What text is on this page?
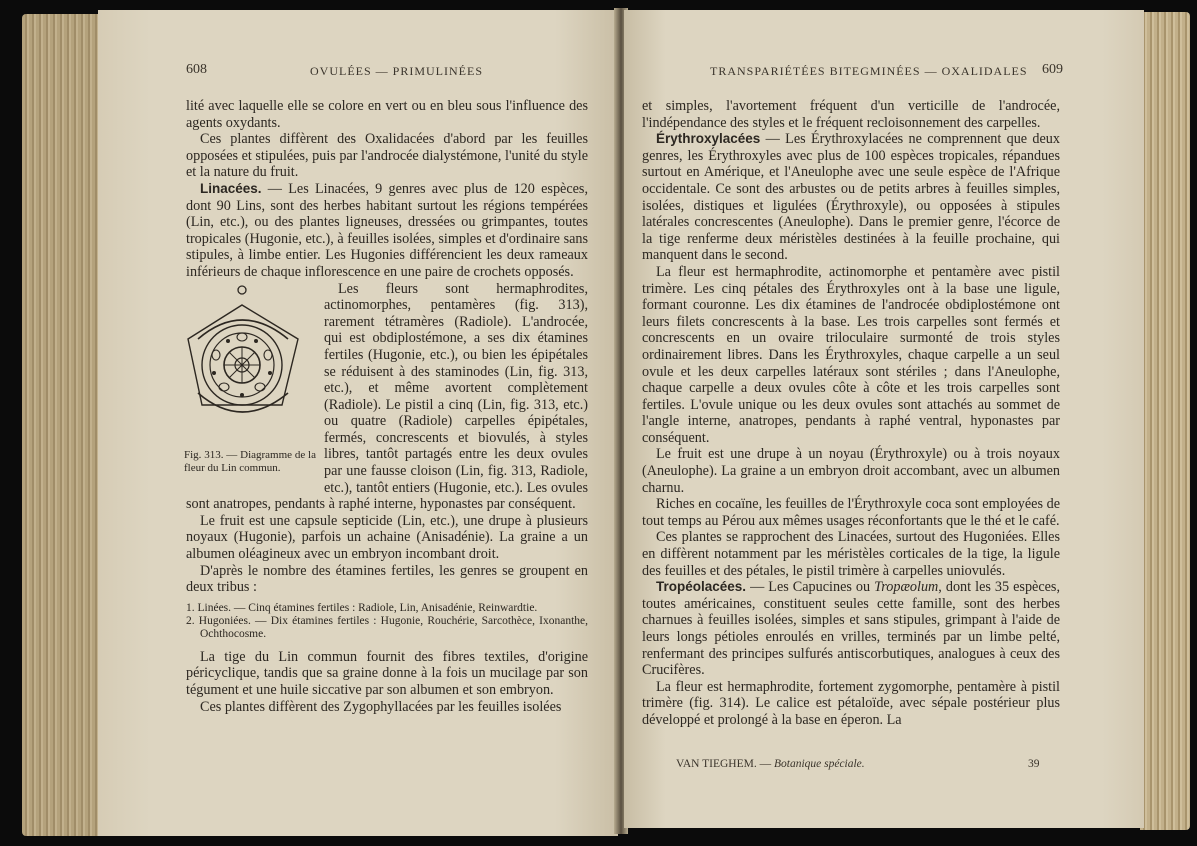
608	OVULÉES — PRIMULINÉES

lité avec laquelle elle se colore en vert ou en bleu sous l'influence des agents oxydants.

Ces plantes diffèrent des Oxalidacées d'abord par les feuilles opposées et stipulées, puis par l'androcée dialystémone, l'unité du style et la nature du fruit.

Linacées. — Les Linacées, 9 genres avec plus de 120 espèces, dont 90 Lins, sont des herbes habitant surtout les régions tempérées (Lin, etc.), ou des plantes ligneuses, dressées ou grimpantes, toutes tropicales (Hugonie, etc.), à feuilles isolées, simples et d'ordinaire sans stipules, à limbe entier. Les Hugonies différencient les deux rameaux inférieurs de chaque inflorescence en une paire de crochets opposés.

Fig. 313. — Diagramme de la fleur du Lin commun.

Les fleurs sont hermaphrodites, actinomorphes, pentamères (fig. 313), rarement tétramères (Radiole). L'androcée, qui est obdiplostémone, a ses dix étamines fertiles (Hugonie, etc.), ou bien les épipétales se réduisent à des staminodes (Lin, fig. 313, etc.), et même avortent complètement (Radiole). Le pistil a cinq (Lin, fig. 313, etc.) ou quatre (Radiole) carpelles épipétales, fermés, concrescents et biovulés, à styles libres, tantôt partagés entre les deux ovules par une fausse cloison (Lin, fig. 313, Radiole, etc.), tantôt entiers (Hugonie, etc.). Les ovules sont anatropes, pendants à raphé interne, hyponastes par conséquent.

Le fruit est une capsule septicide (Lin, etc.), une drupe à plusieurs noyaux (Hugonie), parfois un achaine (Anisadénie). La graine a un albumen oléagineux avec un embryon incombant droit.

D'après le nombre des étamines fertiles, les genres se groupent en deux tribus :

1. Linées. — Cinq étamines fertiles : Radiole, Lin, Anisadénie, Reinwardtie.
2. Hugoniées. — Dix étamines fertiles : Hugonie, Rouchérie, Sarcothèce, Ixonanthe, Ochthocosme.

La tige du Lin commun fournit des fibres textiles, d'origine péricyclique, tandis que sa graine donne à la fois un mucilage par son tégument et une huile siccative par son albumen et son embryon.

Ces plantes diffèrent des Zygophyllacées par les feuilles isolées

TRANSPARIÉTÉES BITEGMINÉES — OXALIDALES 609

et simples, l'avortement fréquent d'un verticille de l'androcée, l'indépendance des styles et le fréquent recloisonnement des carpelles.

Érythroxylacées — Les Érythroxylacées ne comprennent que deux genres, les Érythroxyles avec plus de 100 espèces tropicales, répandues surtout en Amérique, et l'Aneulophe avec une seule espèce de l'Afrique occidentale. Ce sont des arbustes ou de petits arbres à feuilles simples, isolées, distiques et ligulées (Érythroxyle), ou opposées à stipules latérales concrescentes (Aneulophe). Dans le premier genre, l'écorce de la tige renferme deux méristèles destinées à la feuille prochaine, qui manquent dans le second.

La fleur est hermaphrodite, actinomorphe et pentamère avec pistil trimère. Les cinq pétales des Érythroxyles ont à la base une ligule, formant couronne. Les dix étamines de l'androcée obdiplostémone ont leurs filets concrescents à la base. Les trois carpelles sont fermés et concrescents en un ovaire triloculaire surmonté de trois styles ordinairement libres. Dans les Érythroxyles, chaque carpelle a un seul ovule et les deux carpelles latéraux sont stériles ; dans l'Aneulophe, chaque carpelle a deux ovules côte à côte et les trois carpelles sont fertiles. L'ovule unique ou les deux ovules sont attachés au sommet de l'angle interne, anatropes, pendants à raphé ventral, hyponastes par conséquent.

Le fruit est une drupe à un noyau (Érythroxyle) ou à trois noyaux (Aneulophe). La graine a un embryon droit accombant, avec un albumen charnu.

Riches en cocaïne, les feuilles de l'Érythroxyle coca sont employées de tout temps au Pérou aux mêmes usages réconfortants que le thé et le café.

Ces plantes se rapprochent des Linacées, surtout des Hugoniées. Elles en diffèrent notamment par les méristèles corticales de la tige, la ligule des feuilles et des pétales, le pistil trimère à carpelles uniovulés.

Tropéolacées. — Les Capucines ou Tropæolum, dont les 35 espèces, toutes américaines, constituent seules cette famille, sont des herbes charnues à feuilles isolées, simples et sans stipules, grimpant à l'aide de leurs longs pétioles enroulés en vrilles, terminés par un limbe pelté, renfermant des principes sulfurés antiscorbutiques, analogues à ceux des Crucifères.

La fleur est hermaphrodite, fortement zygomorphe, pentamère à pistil trimère (fig. 314). Le calice est pétaloïde, avec sépale postérieur plus développé et prolongé à la base en éperon. La

VAN TIEGHEM. — Botanique spéciale.	39
